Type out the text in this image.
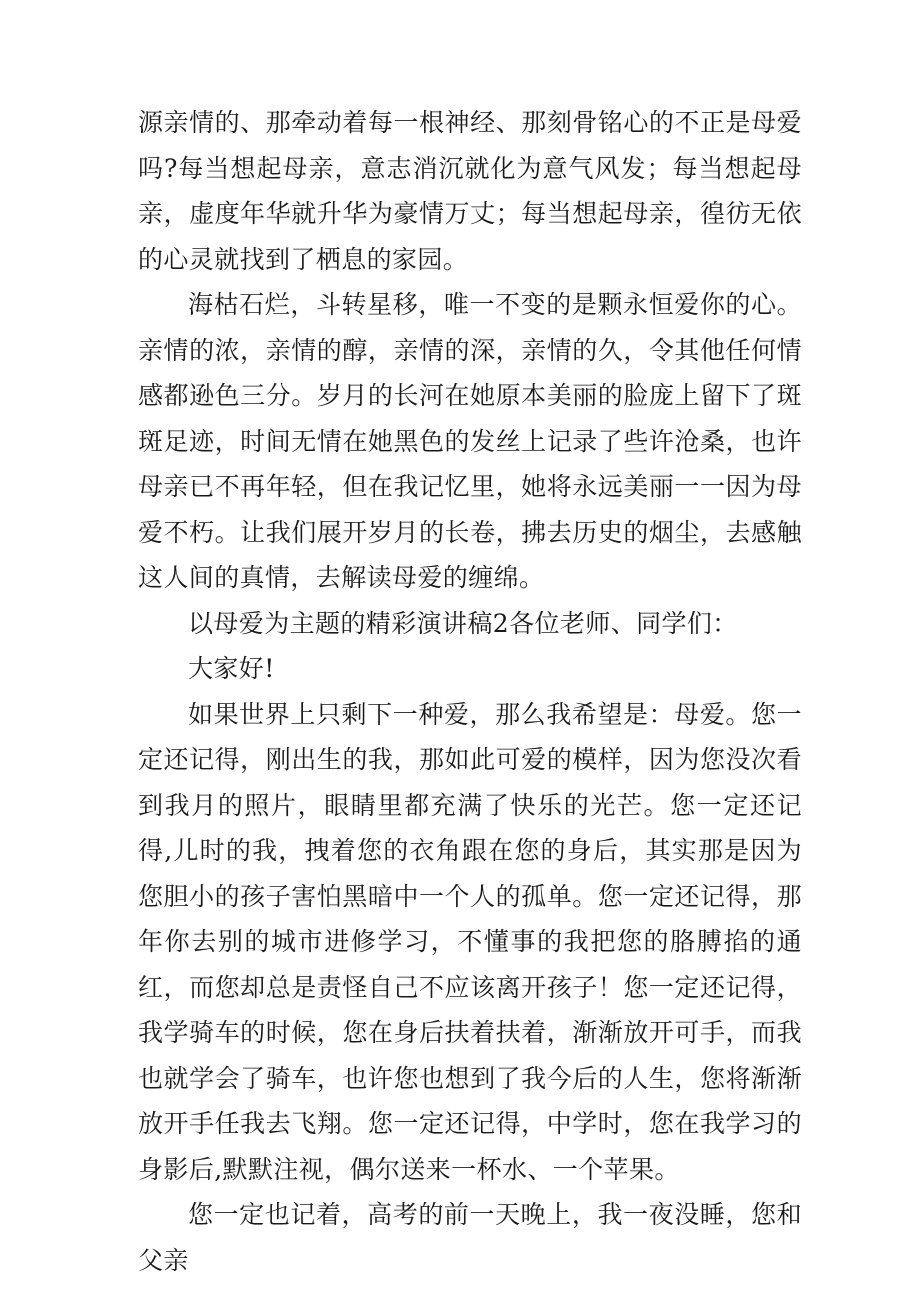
源亲情的、那牵动着每一根神经、那刻骨铭心的不正是母爱吗?每当想起母亲，意志消沉就化为意气风发；每当想起母亲，虚度年华就升华为豪情万丈；每当想起母亲，徨彷无依的心灵就找到了栖息的家园。

海枯石烂，斗转星移，唯一不变的是颗永恒爱你的心。亲情的浓，亲情的醇，亲情的深，亲情的久，令其他任何情感都逊色三分。岁月的长河在她原本美丽的脸庞上留下了斑斑足迹，时间无情在她黑色的发丝上记录了些许沧桑，也许母亲已不再年轻，但在我记忆里，她将永远美丽一一因为母爱不朽。让我们展开岁月的长卷，拂去历史的烟尘，去感触这人间的真情，去解读母爱的缠绵。

以母爱为主题的精彩演讲稿2各位老师、同学们：

大家好!

如果世界上只剩下一种爱，那么我希望是：母爱。您一定还记得，刚出生的我，那如此可爱的模样，因为您没次看到我月的照片，眼睛里都充满了快乐的光芒。您一定还记得,儿时的我，拽着您的衣角跟在您的身后，其实那是因为您胆小的孩子害怕黑暗中一个人的孤单。您一定还记得，那年你去别的城市进修学习，不懂事的我把您的胳膊掐的通红，而您却总是责怪自己不应该离开孩子！您一定还记得，我学骑车的时候，您在身后扶着扶着，渐渐放开可手，而我也就学会了骑车，也许您也想到了我今后的人生，您将渐渐放开手任我去飞翔。您一定还记得，中学时，您在我学习的身影后,默默注视，偶尔送来一杯水、一个苹果。

您一定也记着，高考的前一天晚上，我一夜没睡，您和父亲
